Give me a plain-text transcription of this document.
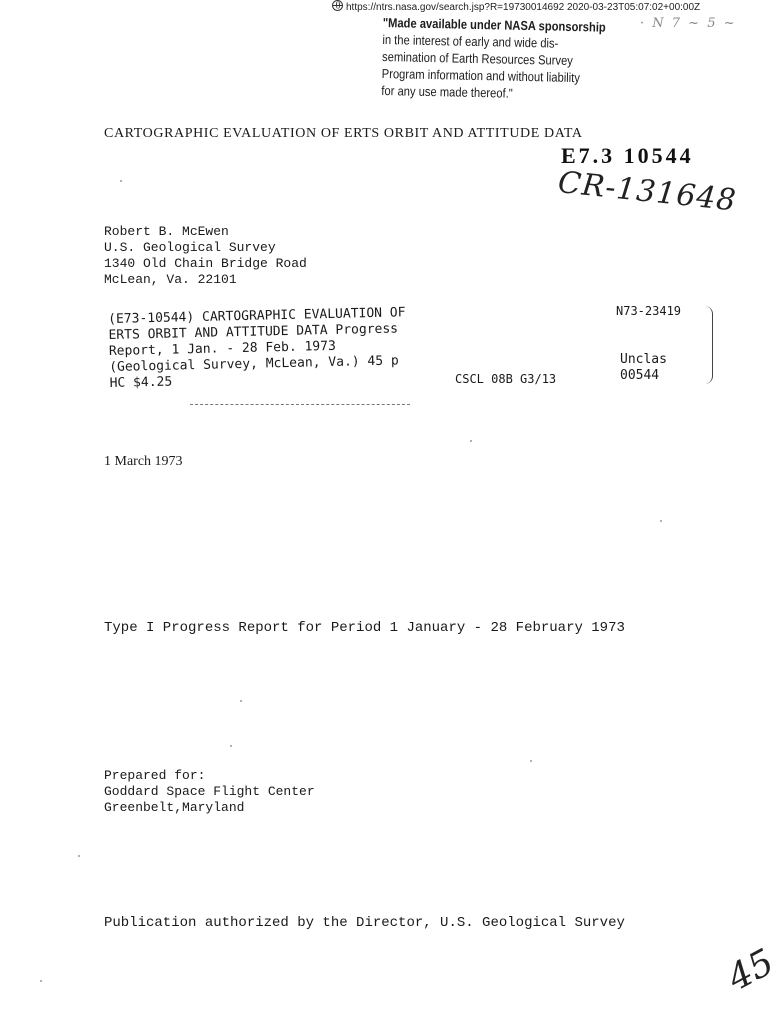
https://ntrs.nasa.gov/search.jsp?R=19730014692 2020-03-23T05:07:02+00:00Z
"Made available under NASA sponsorship
in the interest of early and wide dis-
semination of Earth Resources Survey
Program information and without liability
for any use made thereof."
· N 7 ~ 5 ~
CARTOGRAPHIC EVALUATION OF ERTS ORBIT AND ATTITUDE DATA
E7.3 10544
CR-131648
Robert B. McEwen
U.S. Geological Survey
1340 Old Chain Bridge Road
McLean, Va. 22101
N73-23419
(E73-10544) CARTOGRAPHIC EVALUATION OF
ERTS ORBIT AND ATTITUDE DATA Progress
Report, 1 Jan. - 28 Feb. 1973
(Geological Survey, McLean, Va.) 45 p
HC $4.25
Unclas
00544
CSCL 08B G3/13
1 March 1973
Type I Progress Report for Period 1 January - 28 February 1973
Prepared for:
Goddard Space Flight Center
Greenbelt,Maryland
Publication authorized by the Director, U.S. Geological Survey
45
